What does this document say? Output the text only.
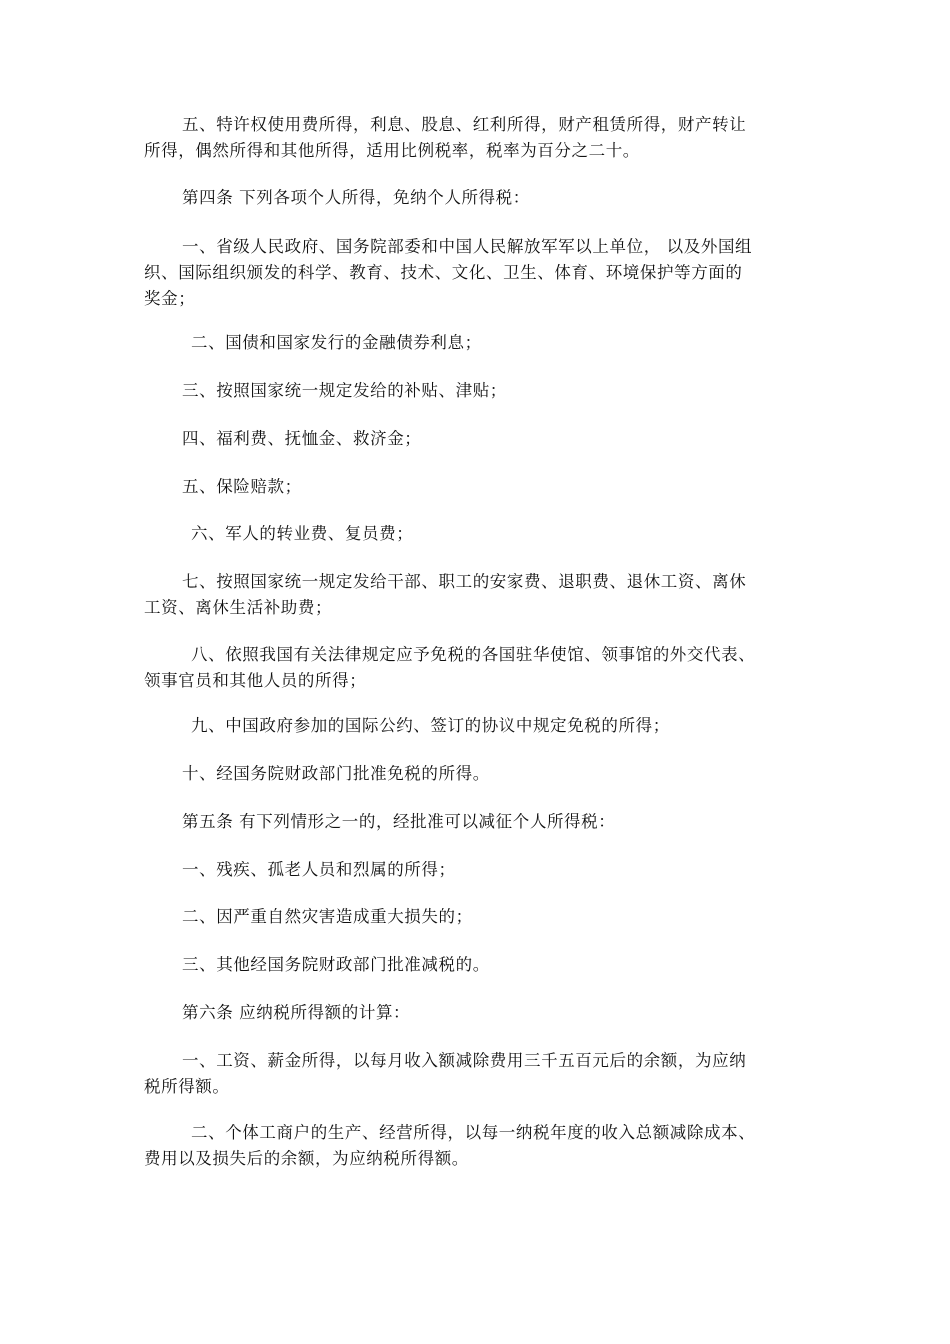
五、特许权使用费所得，利息、股息、红利所得，财产租赁所得，财产转让
所得，偶然所得和其他所得，适用比例税率，税率为百分之二十。

第四条 下列各项个人所得，免纳个人所得税：

一、省级人民政府、国务院部委和中国人民解放军军以上单位， 以及外国组
织、国际组织颁发的科学、教育、技术、文化、卫生、体育、环境保护等方面的
奖金；

二、国债和国家发行的金融债券利息；

三、按照国家统一规定发给的补贴、津贴；

四、福利费、抚恤金、救济金；

五、保险赔款；

六、军人的转业费、复员费；

七、按照国家统一规定发给干部、职工的安家费、退职费、退休工资、离休
工资、离休生活补助费；

八、依照我国有关法律规定应予免税的各国驻华使馆、领事馆的外交代表、
领事官员和其他人员的所得；

九、中国政府参加的国际公约、签订的协议中规定免税的所得；

十、经国务院财政部门批准免税的所得。

第五条 有下列情形之一的，经批准可以减征个人所得税：

一、残疾、孤老人员和烈属的所得；

二、因严重自然灾害造成重大损失的；

三、其他经国务院财政部门批准减税的。

第六条 应纳税所得额的计算：

一、工资、薪金所得，以每月收入额减除费用三千五百元后的余额，为应纳
税所得额。

二、个体工商户的生产、经营所得，以每一纳税年度的收入总额减除成本、
费用以及损失后的余额，为应纳税所得额。
